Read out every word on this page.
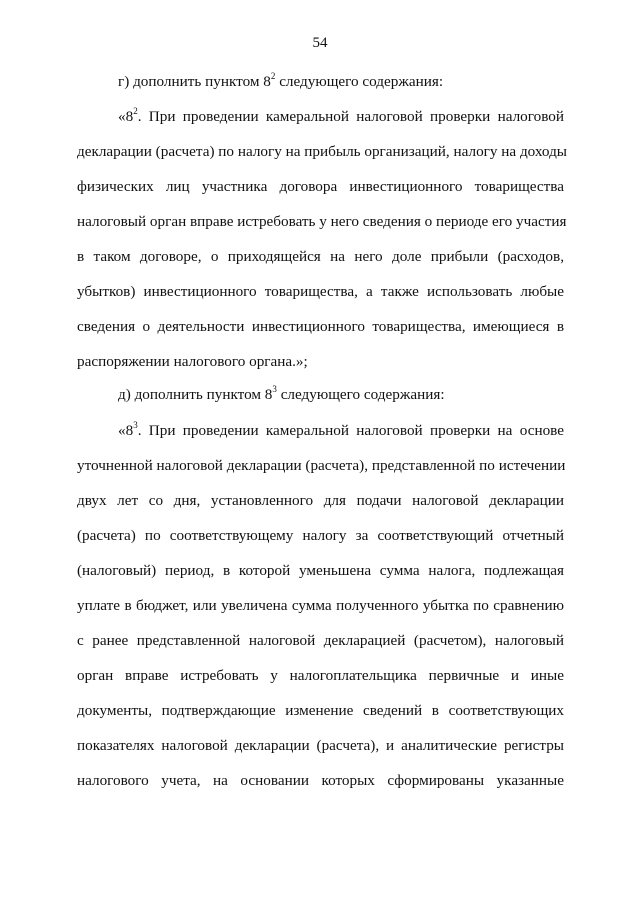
54
г) дополнить пунктом $8^2$ следующего содержания:
«$8^2$. При проведении камеральной налоговой проверки налоговой
декларации (расчета) по налогу на прибыль организаций, налогу на доходы
физических лиц участника договора инвестиционного товарищества
налоговый орган вправе истребовать у него сведения о периоде его участия
в таком договоре, о приходящейся на него доле прибыли (расходов,
убытков) инвестиционного товарищества, а также использовать любые
сведения о деятельности инвестиционного товарищества, имеющиеся в
распоряжении налогового органа.»;
д) дополнить пунктом $8^3$ следующего содержания:
«$8^3$. При проведении камеральной налоговой проверки на основе
уточненной налоговой декларации (расчета), представленной по истечении
двух лет со дня, установленного для подачи налоговой декларации
(расчета) по соответствующему налогу за соответствующий отчетный
(налоговый) период, в которой уменьшена сумма налога, подлежащая
уплате в бюджет, или увеличена сумма полученного убытка по сравнению
с ранее представленной налоговой декларацией (расчетом), налоговый
орган вправе истребовать у налогоплательщика первичные и иные
документы, подтверждающие изменение сведений в соответствующих
показателях налоговой декларации (расчета), и аналитические регистры
налогового учета, на основании которых сформированы указанные
